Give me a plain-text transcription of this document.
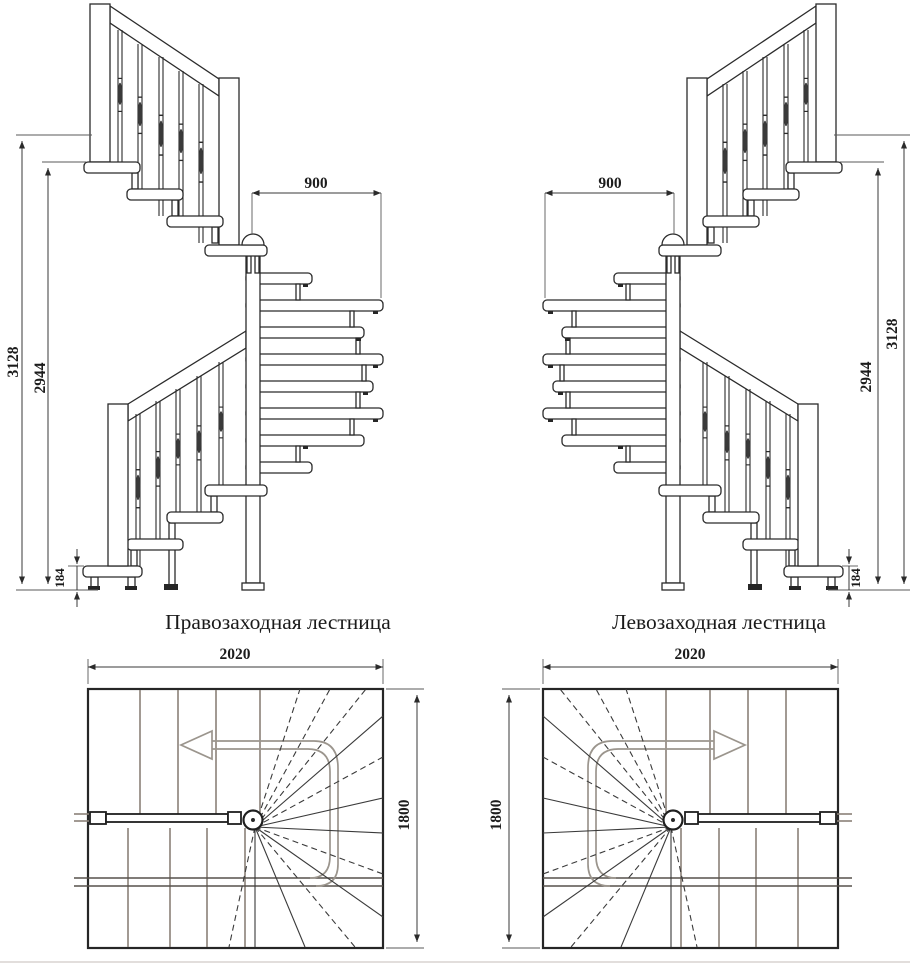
3128
2944
184
900
3128
2944
184
900
Правозаходная лестница	Левозаходная лестница
2020
1800
2020
1800
